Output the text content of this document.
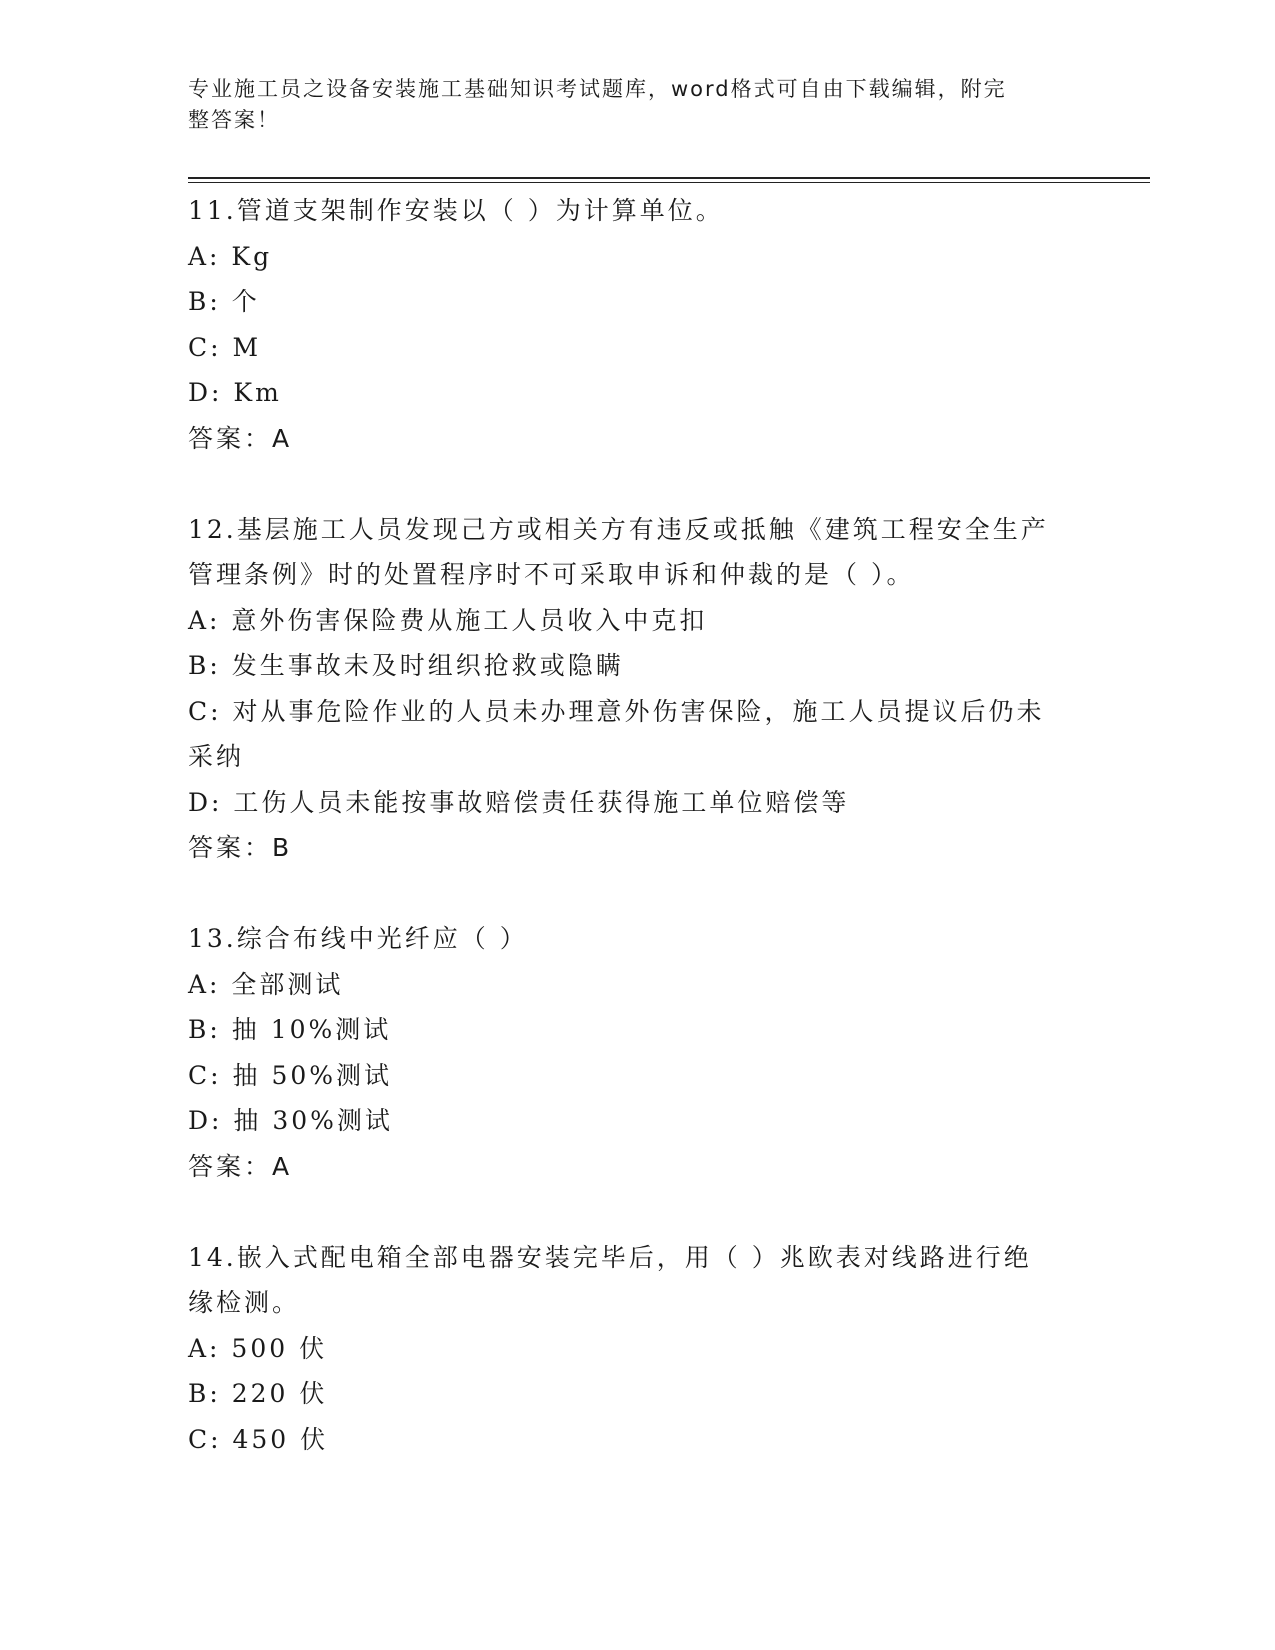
专业施工员之设备安装施工基础知识考试题库，word格式可自由下载编辑，附完
整答案！
11.管道支架制作安装以（ ）为计算单位。
A: Kg
B: 个
C: M
D: Km
答案：A
12.基层施工人员发现己方或相关方有违反或抵触《建筑工程安全生产
管理条例》时的处置程序时不可采取申诉和仲裁的是（ ）。
A: 意外伤害保险费从施工人员收入中克扣
B: 发生事故未及时组织抢救或隐瞒
C: 对从事危险作业的人员未办理意外伤害保险，施工人员提议后仍未
采纳
D: 工伤人员未能按事故赔偿责任获得施工单位赔偿等
答案：B
13.综合布线中光纤应（ ）
A: 全部测试
B: 抽 10%测试
C: 抽 50%测试
D: 抽 30%测试
答案：A
14.嵌入式配电箱全部电器安装完毕后，用（ ）兆欧表对线路进行绝
缘检测。
A: 500 伏
B: 220 伏
C: 450 伏
